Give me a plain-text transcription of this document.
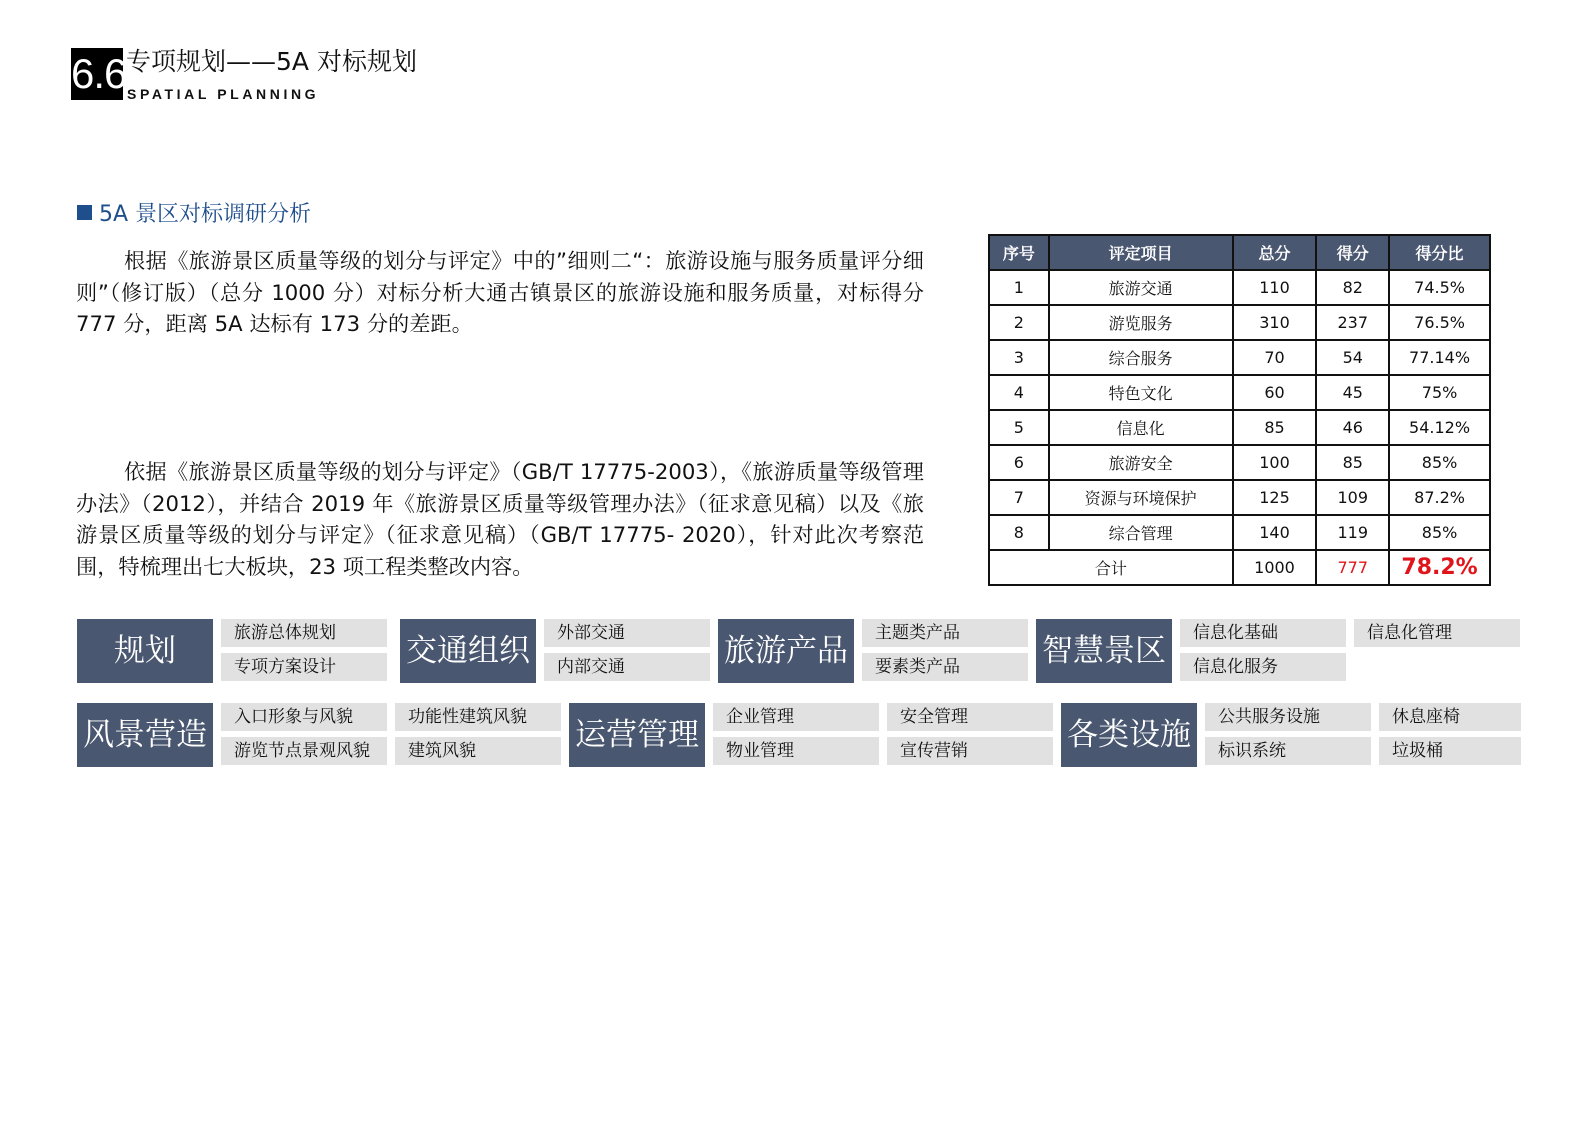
6.6 专项规划——5A 对标规划
SPATIAL PLANNING
5A 景区对标调研分析

根据《旅游景区质量等级的划分与评定》中的”细则二“：旅游设施与服务质量评分细则”（修订版）（总分 1000 分）对标分析大通古镇景区的旅游设施和服务质量，对标得分 777 分，距离 5A 达标有 173 分的差距。

依据《旅游景区质量等级的划分与评定》（GB/T 17775-2003），《旅游质量等级管理办法》（2012），并结合 2019 年《旅游景区质量等级管理办法》（征求意见稿）以及《旅游景区质量等级的划分与评定》（征求意见稿）（GB/T 17775- 2020），针对此次考察范围，特梳理出七大板块，23 项工程类整改内容。

序号	评定项目	总分	得分	得分比
1	旅游交通	110	82	74.5%
2	游览服务	310	237	76.5%
3	综合服务	70	54	77.14%
4	特色文化	60	45	75%
5	信息化	85	46	54.12%
6	旅游安全	100	85	85%
7	资源与环境保护	125	109	87.2%
8	综合管理	140	119	85%
合计		1000	777	78.2%
规划	旅游总体规划
专项方案设计	交通组织	外部交通
内部交通	旅游产品	主题类产品
要素类产品	智慧景区	信息化基础
信息化服务
信息化管理
风景营造	入口形象与风貌
游览节点景观风貌
功能性建筑风貌
建筑风貌	运营管理	企业管理
物业管理
安全管理
宣传营销	各类设施	公共服务设施
标识系统
休息座椅
垃圾桶
